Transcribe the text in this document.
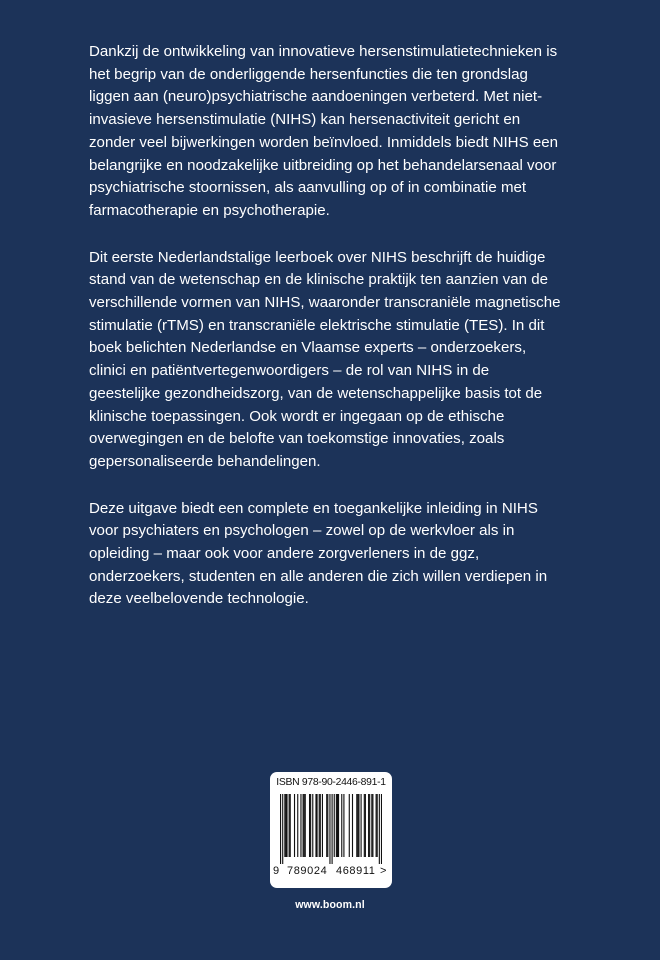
Dankzij de ontwikkeling van innovatieve hersenstimulatietechnieken is
het begrip van de onderliggende hersenfuncties die ten grondslag
liggen aan (neuro)psychiatrische aandoeningen verbeterd. Met niet-
invasieve hersenstimulatie (NIHS) kan hersenactiviteit gericht en
zonder veel bijwerkingen worden beïnvloed. Inmiddels biedt NIHS een
belangrijke en noodzakelijke uitbreiding op het behandelarsenaal voor
psychiatrische stoornissen, als aanvulling op of in combinatie met
farmacotherapie en psychotherapie.

Dit eerste Nederlandstalige leerboek over NIHS beschrijft de huidige
stand van de wetenschap en de klinische praktijk ten aanzien van de
verschillende vormen van NIHS, waaronder transcraniële magnetische
stimulatie (rTMS) en transcraniële elektrische stimulatie (TES). In dit
boek belichten Nederlandse en Vlaamse experts – onderzoekers,
clinici en patiëntvertegenwoordigers – de rol van NIHS in de
geestelijke gezondheidszorg, van de wetenschappelijke basis tot de
klinische toepassingen. Ook wordt er ingegaan op de ethische
overwegingen en de belofte van toekomstige innovaties, zoals
gepersonaliseerde behandelingen.

Deze uitgave biedt een complete en toegankelijke inleiding in NIHS
voor psychiaters en psychologen – zowel op de werkvloer als in
opleiding – maar ook voor andere zorgverleners in de ggz,
onderzoekers, studenten en alle anderen die zich willen verdiepen in
deze veelbelovende technologie.

ISBN 978-90-2446-891-1
9 789024 468911 >
www.boom.nl
